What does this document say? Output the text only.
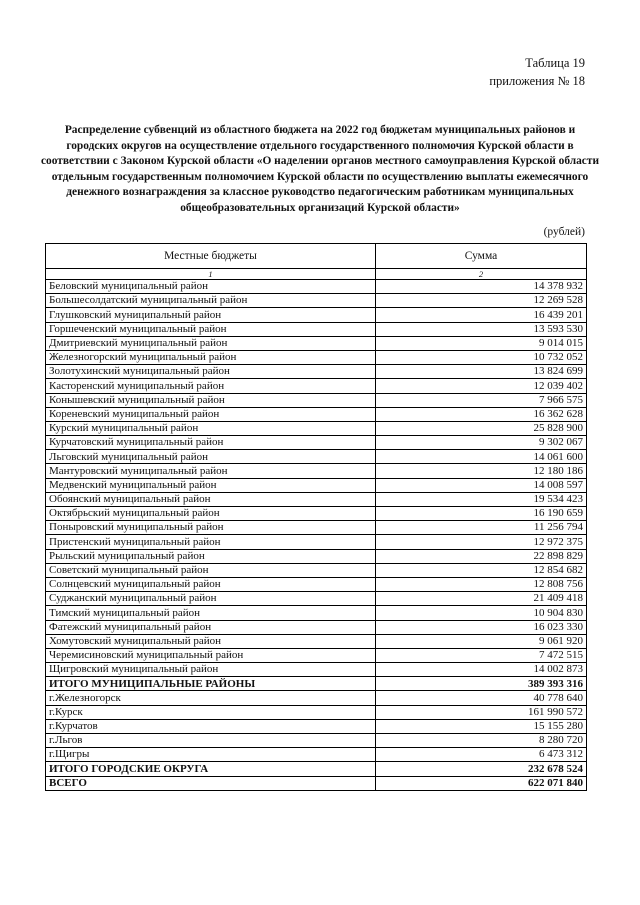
Таблица 19
приложения № 18
Распределение субвенций из областного бюджета на 2022 год бюджетам муниципальных районов и городских округов на осуществление отдельного государственного полномочия Курской области в соответствии с Законом Курской области «О наделении органов местного самоуправления Курской области отдельным государственным полномочием Курской области по осуществлению выплаты ежемесячного денежного вознаграждения за классное руководство педагогическим работникам муниципальных общеобразовательных организаций Курской области»
(рублей)
Местные бюджеты	Сумма
1	2
Беловский муниципальный район	14 378 932
Большесолдатский муниципальный район	12 269 528
Глушковский муниципальный район	16 439 201
Горшеченский муниципальный район	13 593 530
Дмитриевский муниципальный район	9 014 015
Железногорский муниципальный район	10 732 052
Золотухинский муниципальный район	13 824 699
Касторенский муниципальный район	12 039 402
Конышевский муниципальный район	7 966 575
Кореневский муниципальный район	16 362 628
Курский муниципальный район	25 828 900
Курчатовский муниципальный район	9 302 067
Льговский муниципальный район	14 061 600
Мантуровский муниципальный район	12 180 186
Медвенский муниципальный район	14 008 597
Обоянский муниципальный район	19 534 423
Октябрьский муниципальный район	16 190 659
Поныровский муниципальный район	11 256 794
Пристенский муниципальный район	12 972 375
Рыльский муниципальный район	22 898 829
Советский муниципальный район	12 854 682
Солнцевский муниципальный район	12 808 756
Суджанский муниципальный район	21 409 418
Тимский муниципальный район	10 904 830
Фатежский муниципальный район	16 023 330
Хомутовский муниципальный район	9 061 920
Черемисиновский муниципальный район	7 472 515
Щигровский муниципальный район	14 002 873
ИТОГО МУНИЦИПАЛЬНЫЕ РАЙОНЫ	389 393 316
г.Железногорск	40 778 640
г.Курск	161 990 572
г.Курчатов	15 155 280
г.Льгов	8 280 720
г.Щигры	6 473 312
ИТОГО ГОРОДСКИЕ ОКРУГА	232 678 524
ВСЕГО	622 071 840
